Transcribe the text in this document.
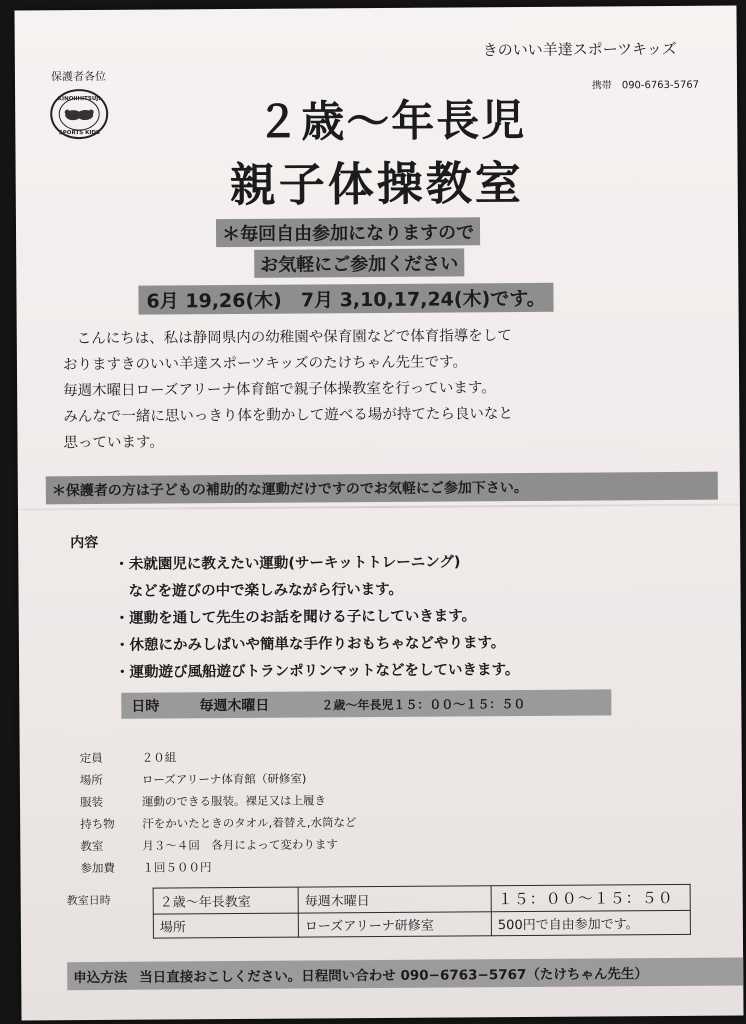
きのいい羊達スポーツキッズ
携帯 090-6763-5767
保護者各位
KINOIIHITSUJI
SPORTS KIDS	２歳〜年長児
親子体操教室
＊毎回自由参加になりますので
お気軽にご参加ください
6月 19,26(木)　7月 3,10,17,24(木)です。
こんにちは、私は静岡県内の幼稚園や保育園などで体育指導をして
おりますきのいい羊達スポーツキッズのたけちゃん先生です。
毎週木曜日ローズアリーナ体育館で親子体操教室を行っています。
みんなで一緒に思いっきり体を動かして遊べる場が持てたら良いなと
思っています。
＊保護者の方は子どもの補助的な運動だけですのでお気軽にご参加下さい。
内容
・未就園児に教えたい運動(サーキットトレーニング)
などを遊びの中で楽しみながら行います。
・運動を通して先生のお話を聞ける子にしていきます。
・休憩にかみしばいや簡単な手作りおもちゃなどやります。
・運動遊び風船遊びトランポリンマットなどをしていきます。
日時	毎週木曜日	２歳〜年長児１５：００〜１５：５０
定員	２０組
場所	ローズアリーナ体育館（研修室)
服装	運動のできる服装。裸足又は上履き
持ち物	汗をかいたときのタオル,着替え,水筒など
教室	月３〜４回　各月によって変わります
参加費	１回５００円
教室日時	２歳〜年長教室	毎週木曜日	１５：００〜１５：５０
場所	ローズアリーナ研修室	500円で自由参加です。
申込方法 当日直接おこしください。日程問い合わせ 090−6763−5767（たけちゃん先生）
